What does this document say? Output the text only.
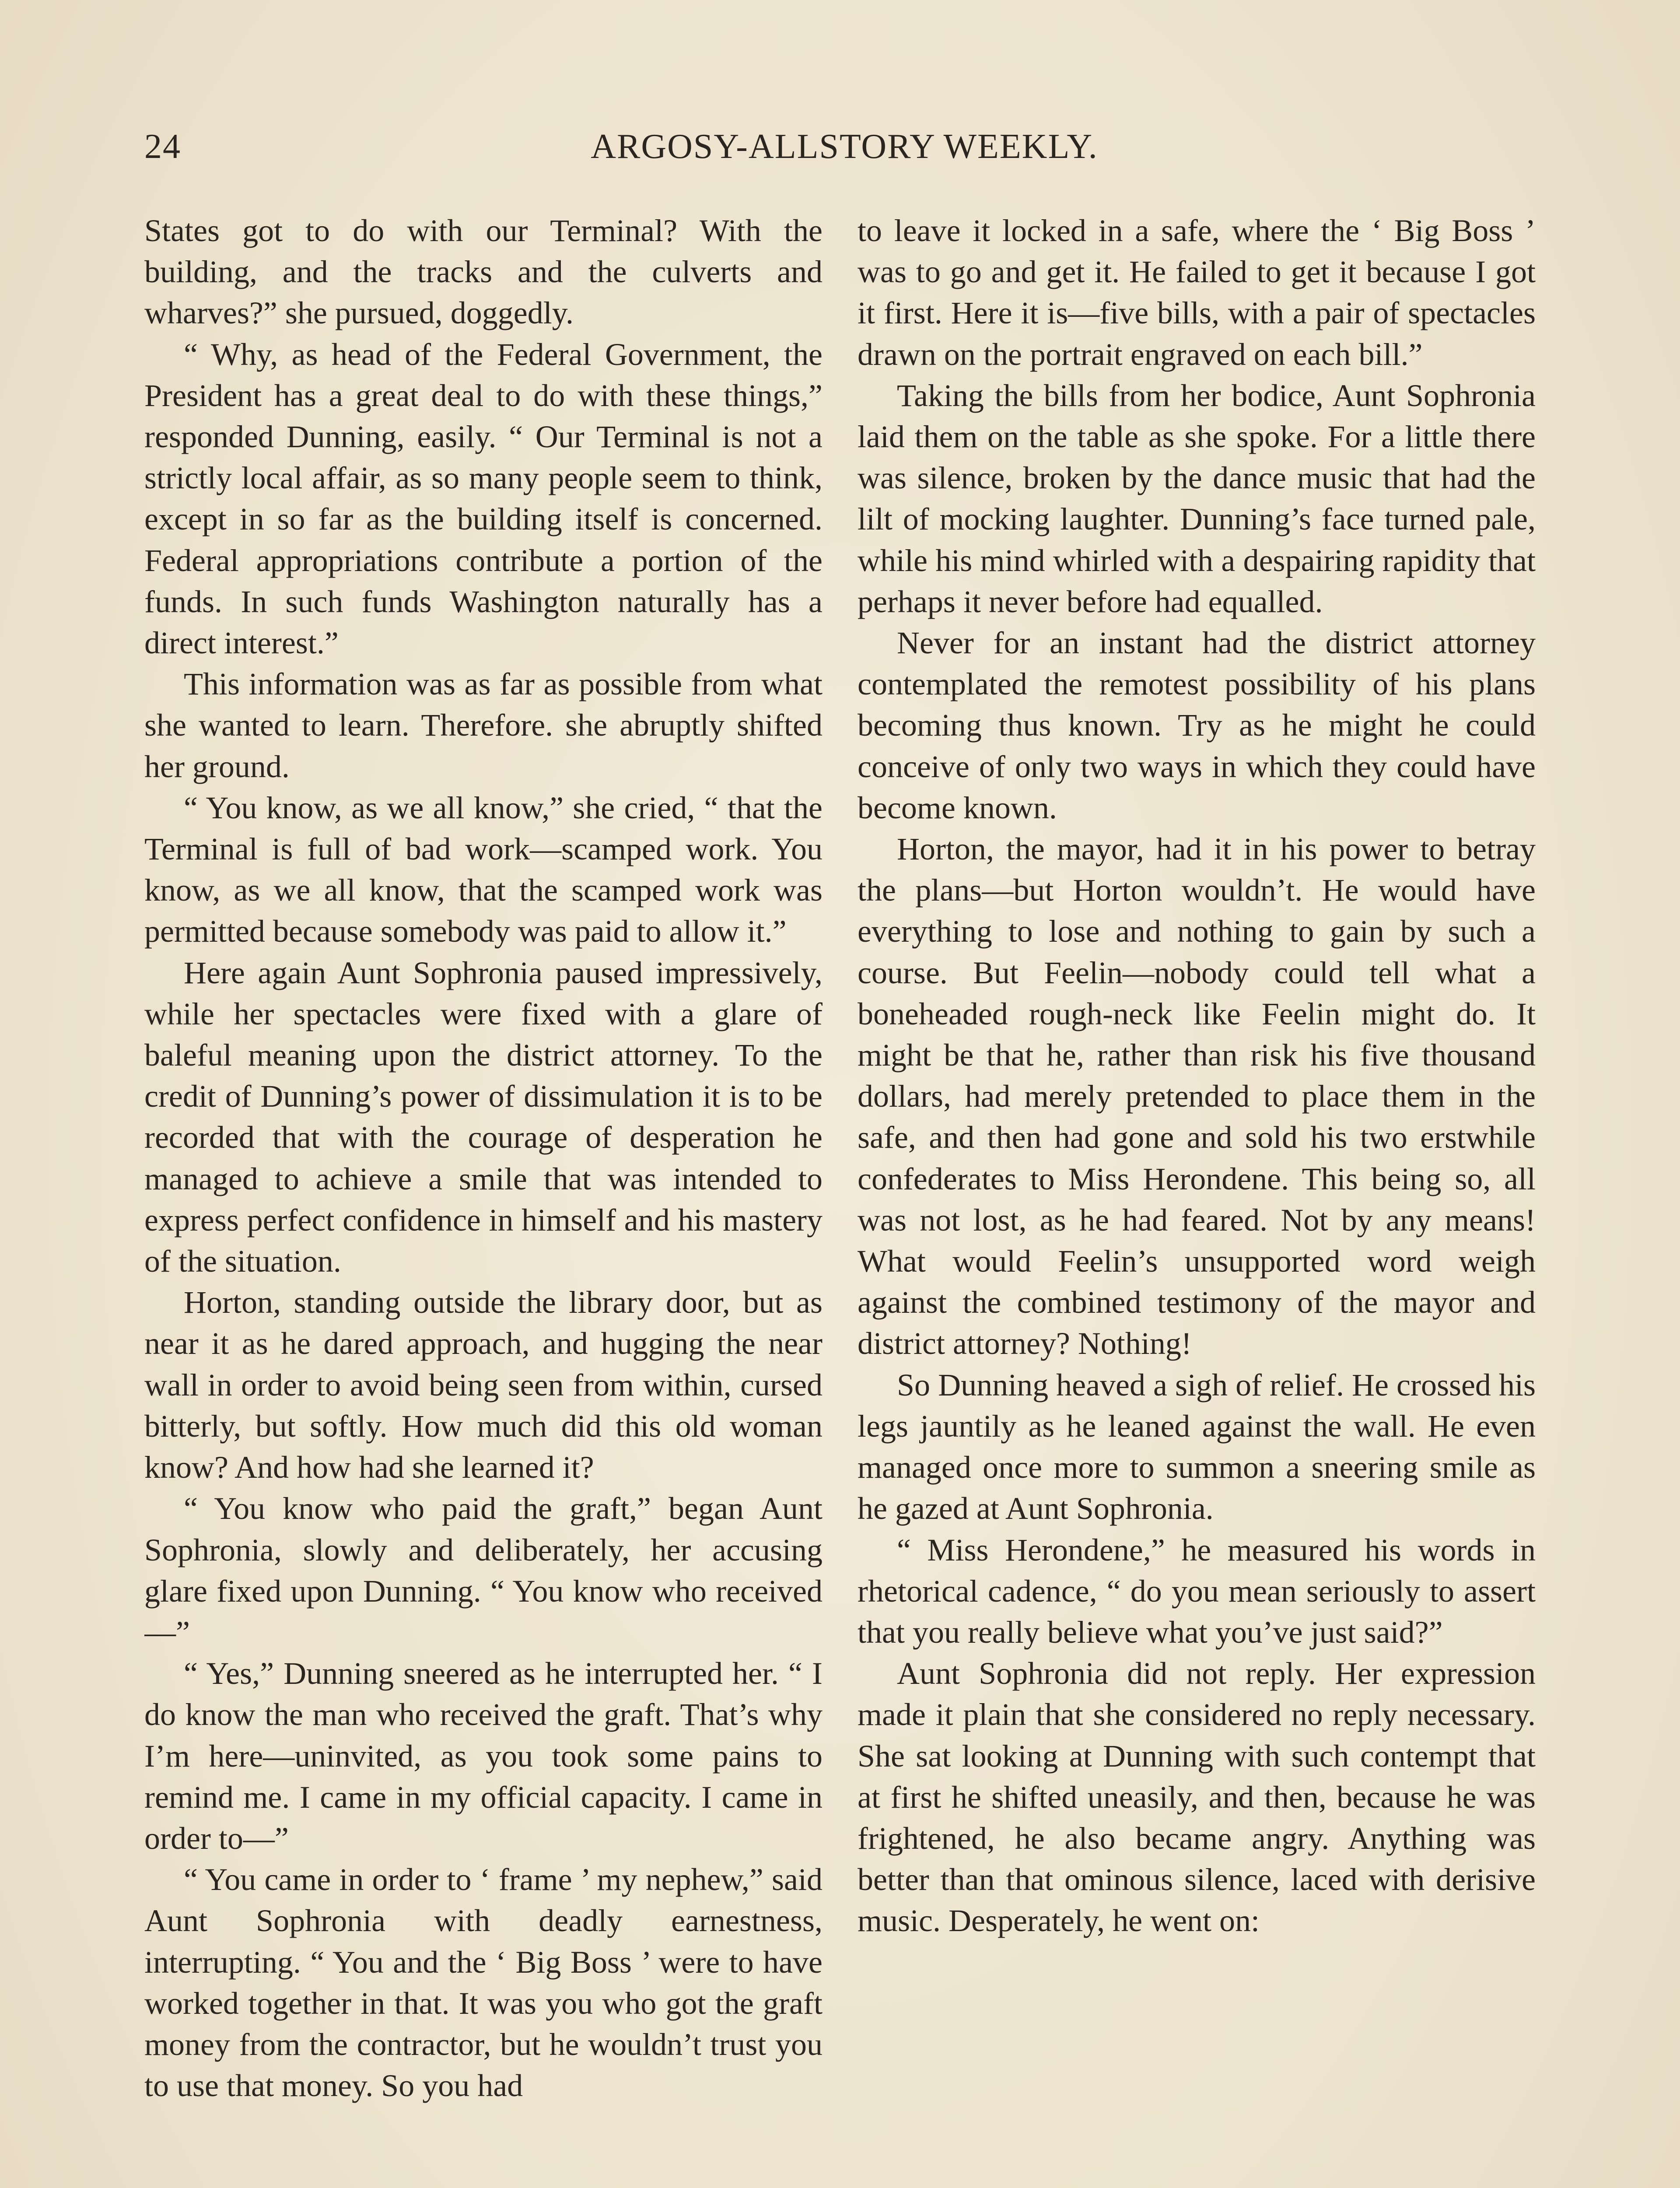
24	ARGOSY-ALLSTORY WEEKLY.

States got to do with our Terminal? With the building, and the tracks and the culverts and wharves?” she pursued, doggedly.

“ Why, as head of the Federal Government, the President has a great deal to do with these things,” responded Dunning, easily. “ Our Terminal is not a strictly local affair, as so many people seem to think, except in so far as the building itself is concerned. Federal appropriations contribute a portion of the funds. In such funds Washington naturally has a direct interest.”

This information was as far as possible from what she wanted to learn. Therefore. she abruptly shifted her ground.

“ You know, as we all know,” she cried, “ that the Terminal is full of bad work—scamped work. You know, as we all know, that the scamped work was permitted because somebody was paid to allow it.”

Here again Aunt Sophronia paused impressively, while her spectacles were fixed with a glare of baleful meaning upon the district attorney. To the credit of Dunning’s power of dissimulation it is to be recorded that with the courage of desperation he managed to achieve a smile that was intended to express perfect confidence in himself and his mastery of the situation.

Horton, standing outside the library door, but as near it as he dared approach, and hugging the near wall in order to avoid being seen from within, cursed bitterly, but softly. How much did this old woman know? And how had she learned it?

“ You know who paid the graft,” began Aunt Sophronia, slowly and deliberately, her accusing glare fixed upon Dunning. “ You know who received—”

“ Yes,” Dunning sneered as he interrupted her. “ I do know the man who received the graft. That’s why I’m here—uninvited, as you took some pains to remind me. I came in my official capacity. I came in order to—”

“ You came in order to ‘ frame ’ my nephew,” said Aunt Sophronia with deadly earnestness, interrupting. “ You and the ‘ Big Boss ’ were to have worked together in that. It was you who got the graft money from the contractor, but he wouldn’t trust you to use that money. So you had

to leave it locked in a safe, where the ‘ Big Boss ’ was to go and get it. He failed to get it because I got it first. Here it is—five bills, with a pair of spectacles drawn on the portrait engraved on each bill.”

Taking the bills from her bodice, Aunt Sophronia laid them on the table as she spoke. For a little there was silence, broken by the dance music that had the lilt of mocking laughter. Dunning’s face turned pale, while his mind whirled with a despairing rapidity that perhaps it never before had equalled.

Never for an instant had the district attorney contemplated the remotest possibility of his plans becoming thus known. Try as he might he could conceive of only two ways in which they could have become known.

Horton, the mayor, had it in his power to betray the plans—but Horton wouldn’t. He would have everything to lose and nothing to gain by such a course. But Feelin—nobody could tell what a boneheaded rough-neck like Feelin might do. It might be that he, rather than risk his five thousand dollars, had merely pretended to place them in the safe, and then had gone and sold his two erstwhile confederates to Miss Herondene. This being so, all was not lost, as he had feared. Not by any means! What would Feelin’s unsupported word weigh against the combined testimony of the mayor and district attorney? Nothing!

So Dunning heaved a sigh of relief. He crossed his legs jauntily as he leaned against the wall. He even managed once more to summon a sneering smile as he gazed at Aunt Sophronia.

“ Miss Herondene,” he measured his words in rhetorical cadence, “ do you mean seriously to assert that you really believe what you’ve just said?”

Aunt Sophronia did not reply. Her expression made it plain that she considered no reply necessary. She sat looking at Dunning with such contempt that at first he shifted uneasily, and then, because he was frightened, he also became angry. Anything was better than that ominous silence, laced with derisive music. Desperately, he went on:
